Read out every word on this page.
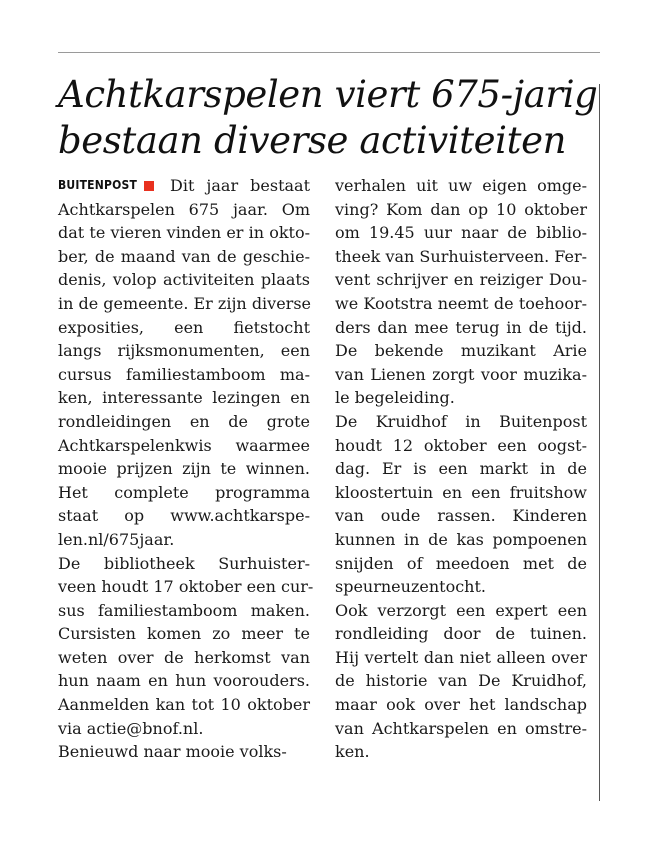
Achtkarspelen viert 675-jarig
bestaan diverse activiteiten
BUITENPOST Dit jaar bestaat
Achtkarspelen 675 jaar. Om
dat te vieren vinden er in okto-
ber, de maand van de geschie-
denis, volop activiteiten plaats
in de gemeente. Er zijn diverse
exposities, een fietstocht
langs rijksmonumenten, een
cursus familiestamboom ma-
ken, interessante lezingen en
rondleidingen en de grote
Achtkarspelenkwis waarmee
mooie prijzen zijn te winnen.
Het complete programma
staat op www.achtkarspe-
len.nl/675jaar.
De bibliotheek Surhuister-
veen houdt 17 oktober een cur-
sus familiestamboom maken.
Cursisten komen zo meer te
weten over de herkomst van
hun naam en hun voorouders.
Aanmelden kan tot 10 oktober
via actie@bnof.nl.
Benieuwd naar mooie volks-
verhalen uit uw eigen omge-
ving? Kom dan op 10 oktober
om 19.45 uur naar de biblio-
theek van Surhuisterveen. Fer-
vent schrijver en reiziger Dou-
we Kootstra neemt de toehoor-
ders dan mee terug in de tijd.
De bekende muzikant Arie
van Lienen zorgt voor muzika-
le begeleiding.
De Kruidhof in Buitenpost
houdt 12 oktober een oogst-
dag. Er is een markt in de
kloostertuin en een fruitshow
van oude rassen. Kinderen
kunnen in de kas pompoenen
snijden of meedoen met de
speurneuzentocht.
Ook verzorgt een expert een
rondleiding door de tuinen.
Hij vertelt dan niet alleen over
de historie van De Kruidhof,
maar ook over het landschap
van Achtkarspelen en omstre-
ken.
